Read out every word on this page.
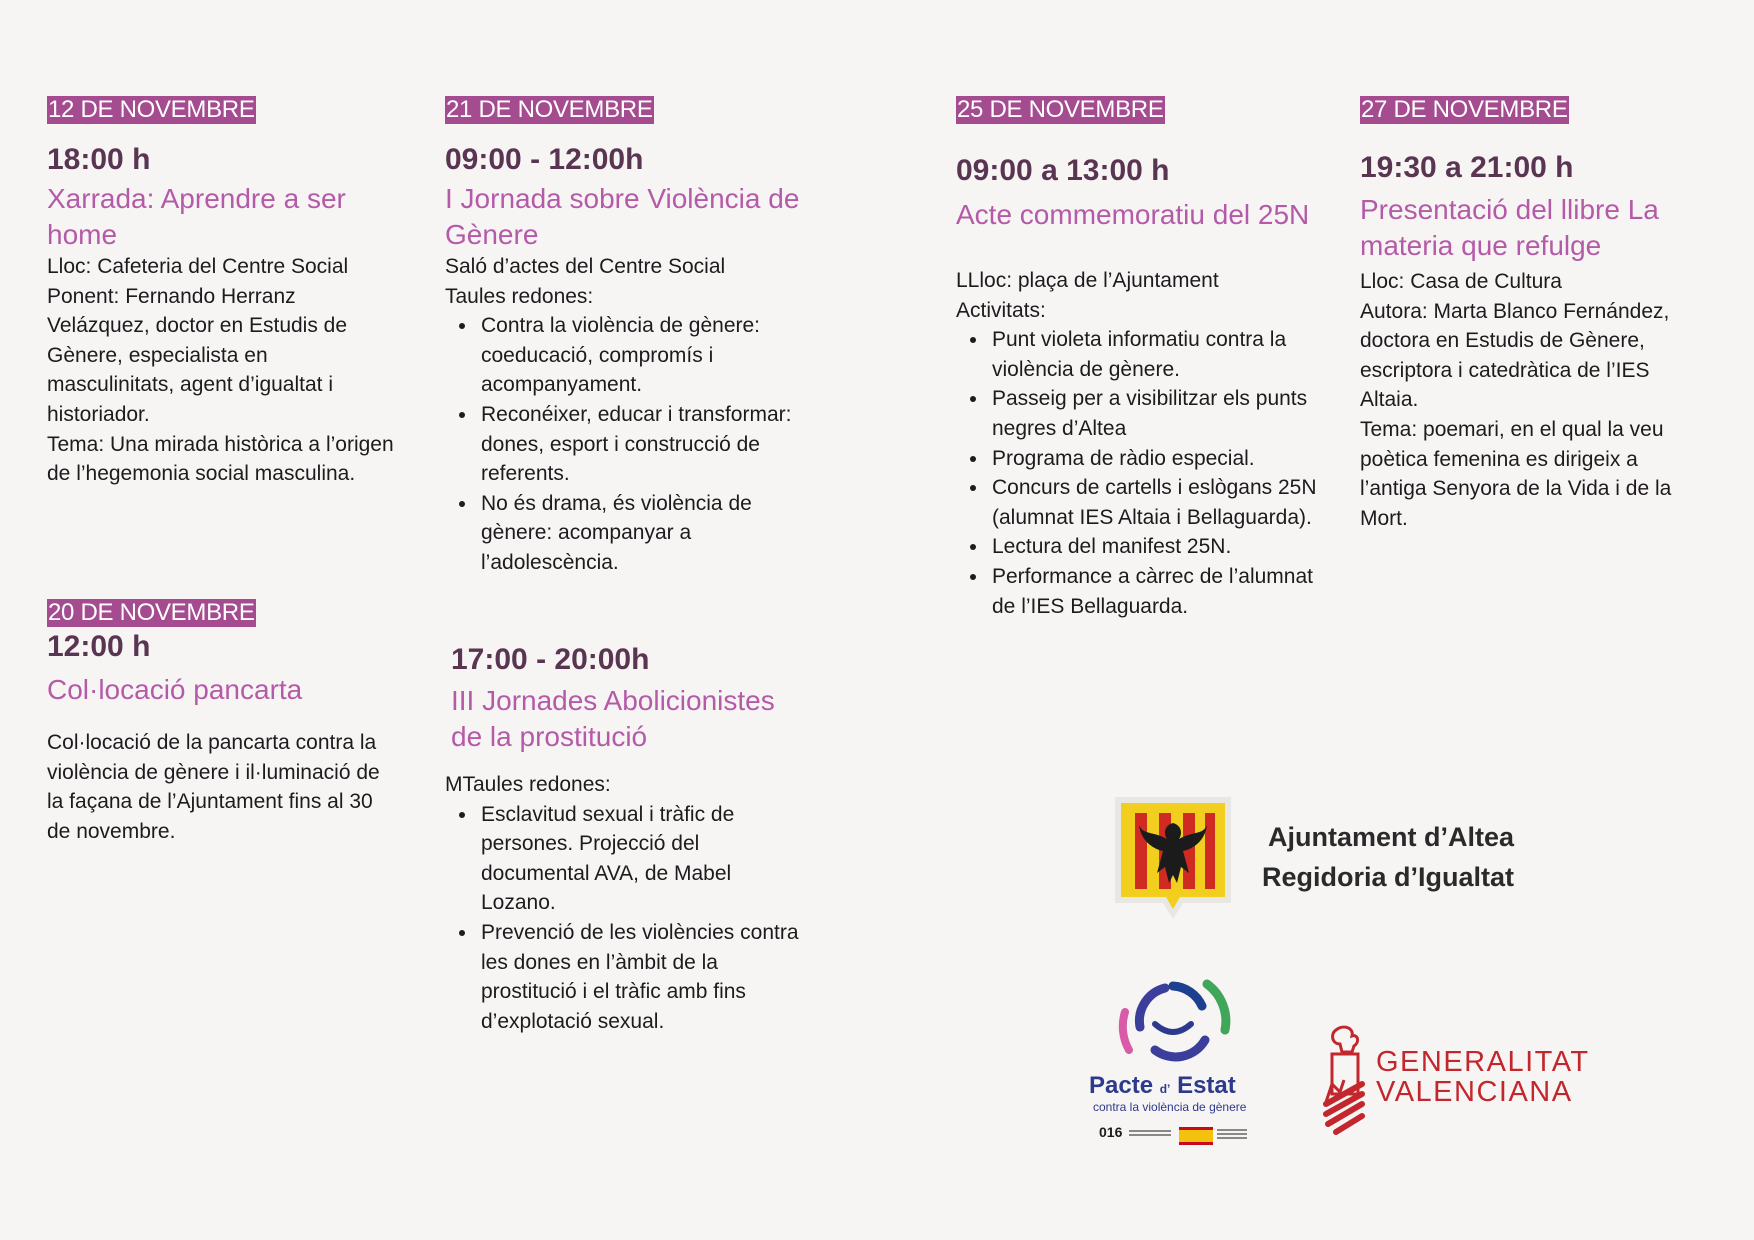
12 DE NOVEMBRE
18:00 h
Xarrada: Aprendre a ser home

Lloc: Cafeteria del Centre Social

Ponent: Fernando Herranz Velázquez, doctor en Estudis de Gènere, especialista en masculinitats, agent d’igualtat i historiador.

Tema: Una mirada històrica a l’origen de l’hegemonia social masculina.

20 DE NOVEMBRE
12:00 h
Col·locació pancarta

Col·locació de la pancarta contra la violència de gènere i il·luminació de la façana de l’Ajuntament fins al 30 de novembre.

21 DE NOVEMBRE
09:00 - 12:00h
I Jornada sobre Violència de Gènere

Saló d’actes del Centre Social

Taules redones:

Contra la violència de gènere: coeducació, compromís i acompanyament.
Reconéixer, educar i transformar: dones, esport i construcció de referents.
No és drama, és violència de gènere: acompanyar a l’adolescència.
17:00 - 20:00h
III Jornades Abolicionistes de la prostitució

MTaules redones:

Esclavitud sexual i tràfic de persones. Projecció del documental AVA, de Mabel Lozano.
Prevenció de les violències contra les dones en l’àmbit de la prostitució i el tràfic amb fins d’explotació sexual.
25 DE NOVEMBRE
09:00 a 13:00 h
Acte commemoratiu del 25N

LLloc: plaça de l’Ajuntament

Activitats:

Punt violeta informatiu contra la violència de gènere.
Passeig per a visibilitzar els punts negres d’Altea
Programa de ràdio especial.
Concurs de cartells i eslògans 25N (alumnat IES Altaia i Bellaguarda).
Lectura del manifest 25N.
Performance a càrrec de l’alumnat de l’IES Bellaguarda.
27 DE NOVEMBRE
19:30 a 21:00 h
Presentació del llibre La materia que refulge

Lloc: Casa de Cultura

Autora: Marta Blanco Fernández, doctora en Estudis de Gènere, escriptora i catedràtica de l’IES Altaia.

Tema: poemari, en el qual la veu poètica femenina es dirigeix a l’antiga Senyora de la Vida i de la Mort.

Ajuntament d’Altea
Regidoria d’Igualtat
Pacte d’ Estat
contra la violència de gènere
016
GENERALITAT
VALENCIANA
